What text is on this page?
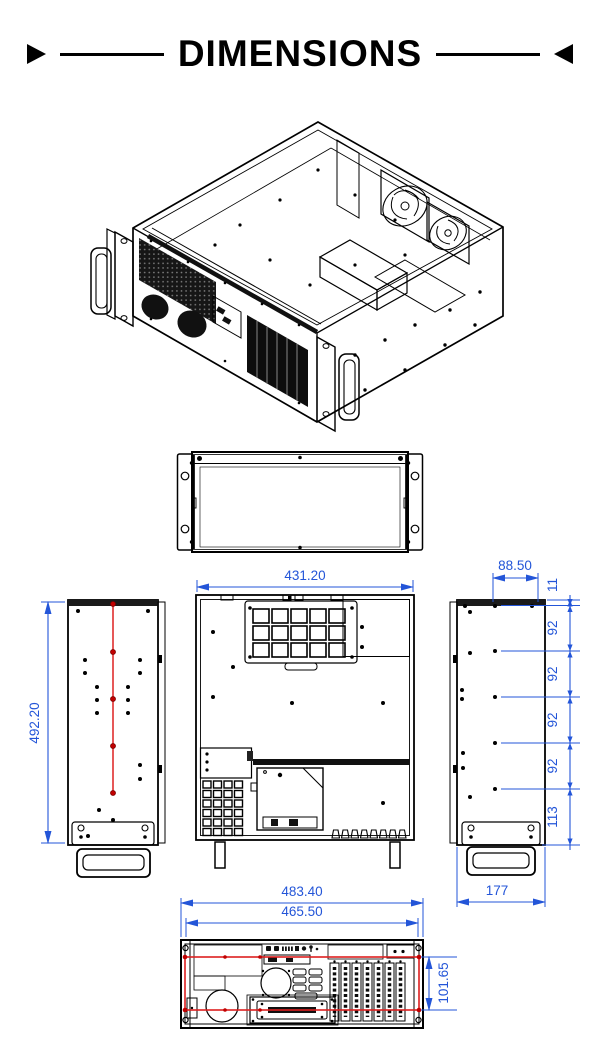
DIMENSIONS
492.20
431.20
88.50
11
92
92
92
92
113
177
483.40
465.50
101.65
